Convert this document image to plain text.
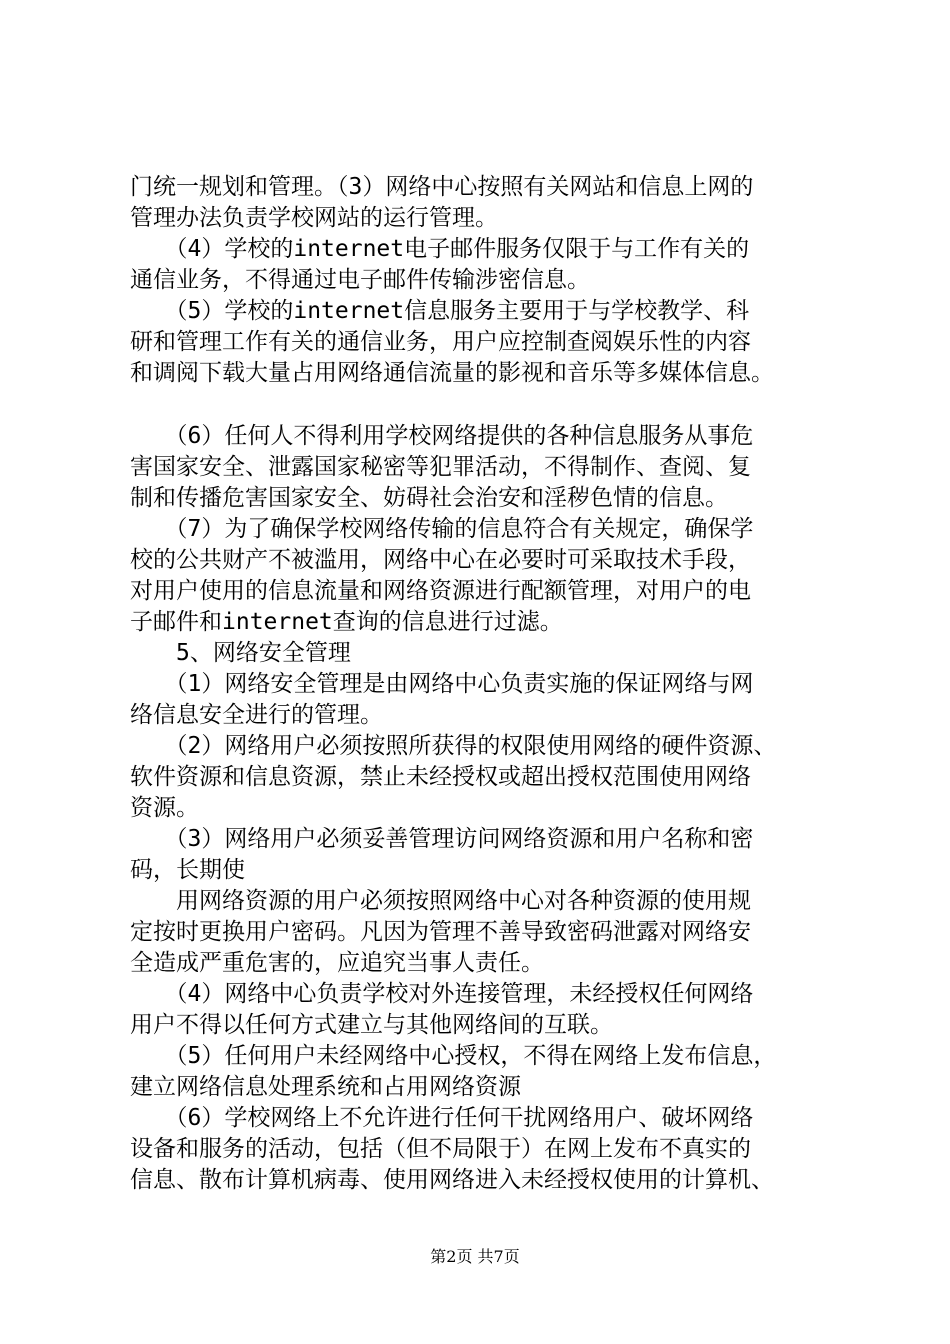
门统一规划和管理。（3）网络中心按照有关网站和信息上网的
管理办法负责学校网站的运行管理。
　　（4）学校的internet电子邮件服务仅限于与工作有关的
通信业务，不得通过电子邮件传输涉密信息。
　　（5）学校的internet信息服务主要用于与学校教学、科
研和管理工作有关的通信业务，用户应控制查阅娱乐性的内容
和调阅下载大量占用网络通信流量的影视和音乐等多媒体信息。
　　（6）任何人不得利用学校网络提供的各种信息服务从事危
害国家安全、泄露国家秘密等犯罪活动，不得制作、查阅、复
制和传播危害国家安全、妨碍社会治安和淫秽色情的信息。
　　（7）为了确保学校网络传输的信息符合有关规定，确保学
校的公共财产不被滥用，网络中心在必要时可采取技术手段，
对用户使用的信息流量和网络资源进行配额管理，对用户的电
子邮件和internet查询的信息进行过滤。
　　5、网络安全管理
　　（1）网络安全管理是由网络中心负责实施的保证网络与网
络信息安全进行的管理。
　　（2）网络用户必须按照所获得的权限使用网络的硬件资源、
软件资源和信息资源，禁止未经授权或超出授权范围使用网络
资源。
　　（3）网络用户必须妥善管理访问网络资源和用户名称和密
码，长期使
　　用网络资源的用户必须按照网络中心对各种资源的使用规
定按时更换用户密码。凡因为管理不善导致密码泄露对网络安
全造成严重危害的，应追究当事人责任。
　　（4）网络中心负责学校对外连接管理，未经授权任何网络
用户不得以任何方式建立与其他网络间的互联。
　　（5）任何用户未经网络中心授权，不得在网络上发布信息，
建立网络信息处理系统和占用网络资源
　　（6）学校网络上不允许进行任何干扰网络用户、破坏网络
设备和服务的活动，包括（但不局限于）在网上发布不真实的
信息、散布计算机病毒、使用网络进入未经授权使用的计算机、
第2页 共7页
